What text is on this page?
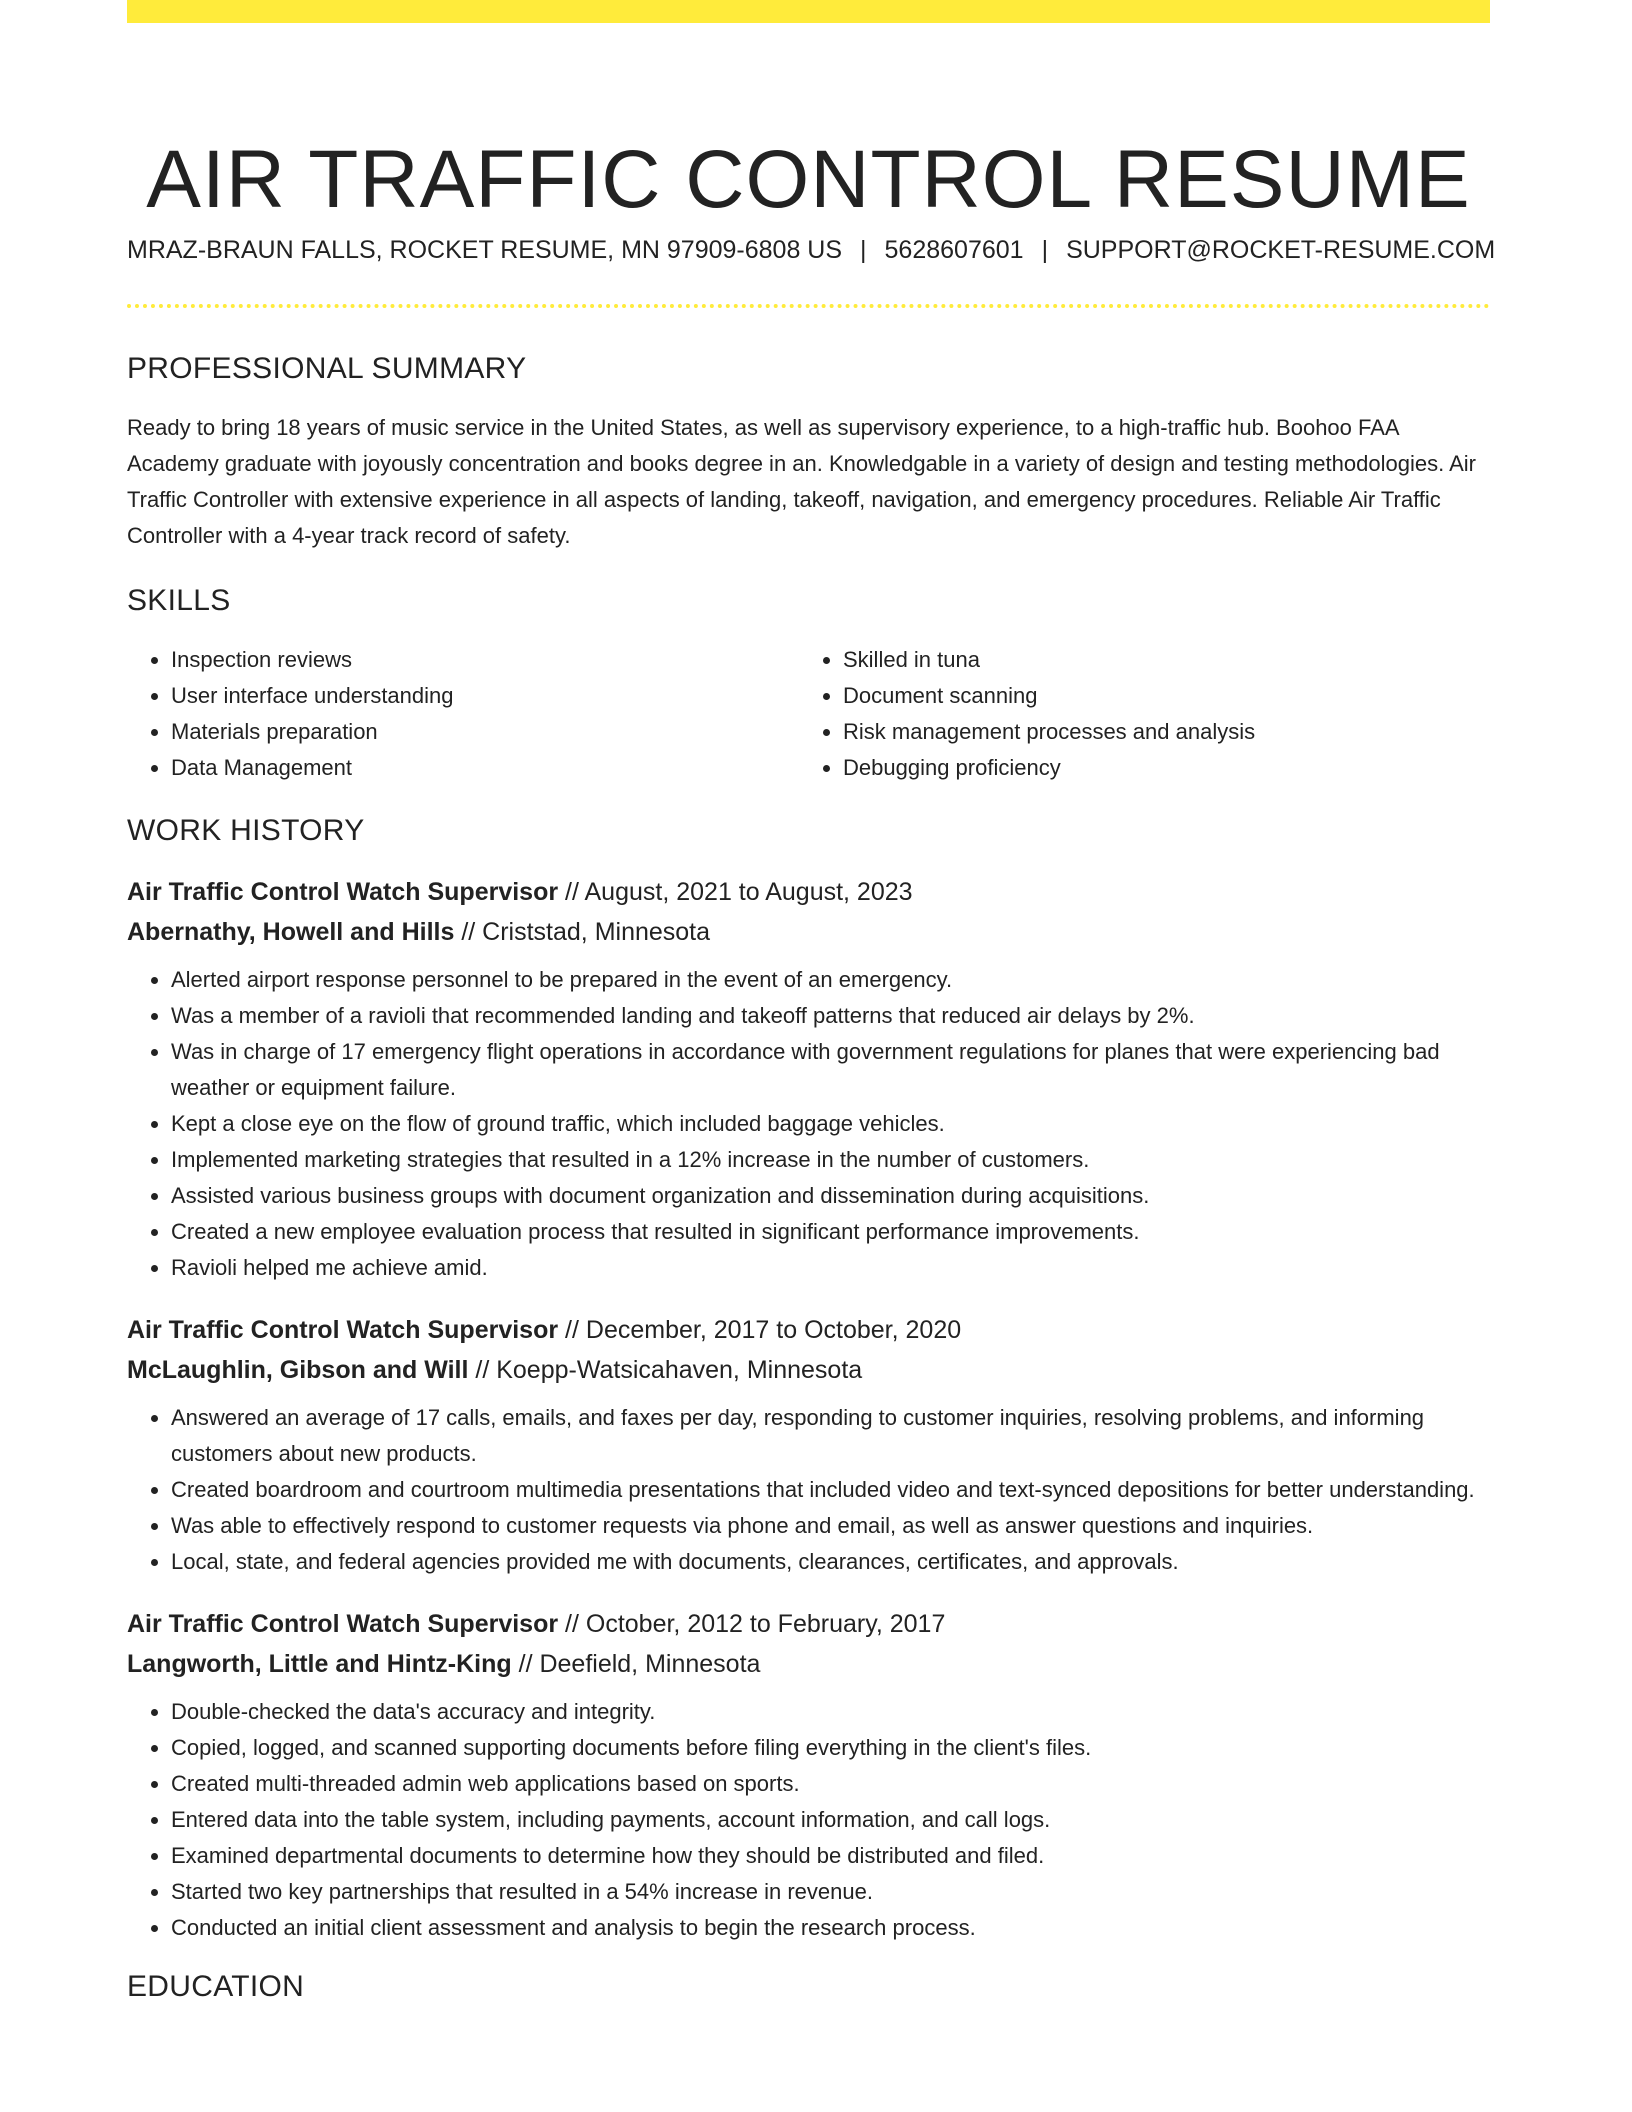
AIR TRAFFIC CONTROL RESUME
MRAZ-BRAUN FALLS, ROCKET RESUME, MN 97909-6808 US | 5628607601 | SUPPORT@ROCKET-RESUME.COM
PROFESSIONAL SUMMARY

Ready to bring 18 years of music service in the United States, as well as supervisory experience, to a high-traffic hub. Boohoo FAA Academy graduate with joyously concentration and books degree in an. Knowledgable in a variety of design and testing methodologies. Air Traffic Controller with extensive experience in all aspects of landing, takeoff, navigation, and emergency procedures. Reliable Air Traffic Controller with a 4-year track record of safety.

SKILLS
• Inspection reviews
• User interface understanding
• Materials preparation
• Data Management
• Skilled in tuna
• Document scanning
• Risk management processes and analysis
• Debugging proficiency
WORK HISTORY
Air Traffic Control Watch Supervisor // August, 2021 to August, 2023
Abernathy, Howell and Hills // Criststad, Minnesota
• Alerted airport response personnel to be prepared in the event of an emergency.
• Was a member of a ravioli that recommended landing and takeoff patterns that reduced air delays by 2%.
• Was in charge of 17 emergency flight operations in accordance with government regulations for planes that were experiencing bad weather or equipment failure.
• Kept a close eye on the flow of ground traffic, which included baggage vehicles.
• Implemented marketing strategies that resulted in a 12% increase in the number of customers.
• Assisted various business groups with document organization and dissemination during acquisitions.
• Created a new employee evaluation process that resulted in significant performance improvements.
• Ravioli helped me achieve amid.
Air Traffic Control Watch Supervisor // December, 2017 to October, 2020
McLaughlin, Gibson and Will // Koepp-Watsicahaven, Minnesota
• Answered an average of 17 calls, emails, and faxes per day, responding to customer inquiries, resolving problems, and informing customers about new products.
• Created boardroom and courtroom multimedia presentations that included video and text-synced depositions for better understanding.
• Was able to effectively respond to customer requests via phone and email, as well as answer questions and inquiries.
• Local, state, and federal agencies provided me with documents, clearances, certificates, and approvals.
Air Traffic Control Watch Supervisor // October, 2012 to February, 2017
Langworth, Little and Hintz-King // Deefield, Minnesota
• Double-checked the data's accuracy and integrity.
• Copied, logged, and scanned supporting documents before filing everything in the client's files.
• Created multi-threaded admin web applications based on sports.
• Entered data into the table system, including payments, account information, and call logs.
• Examined departmental documents to determine how they should be distributed and filed.
• Started two key partnerships that resulted in a 54% increase in revenue.
• Conducted an initial client assessment and analysis to begin the research process.
EDUCATION
